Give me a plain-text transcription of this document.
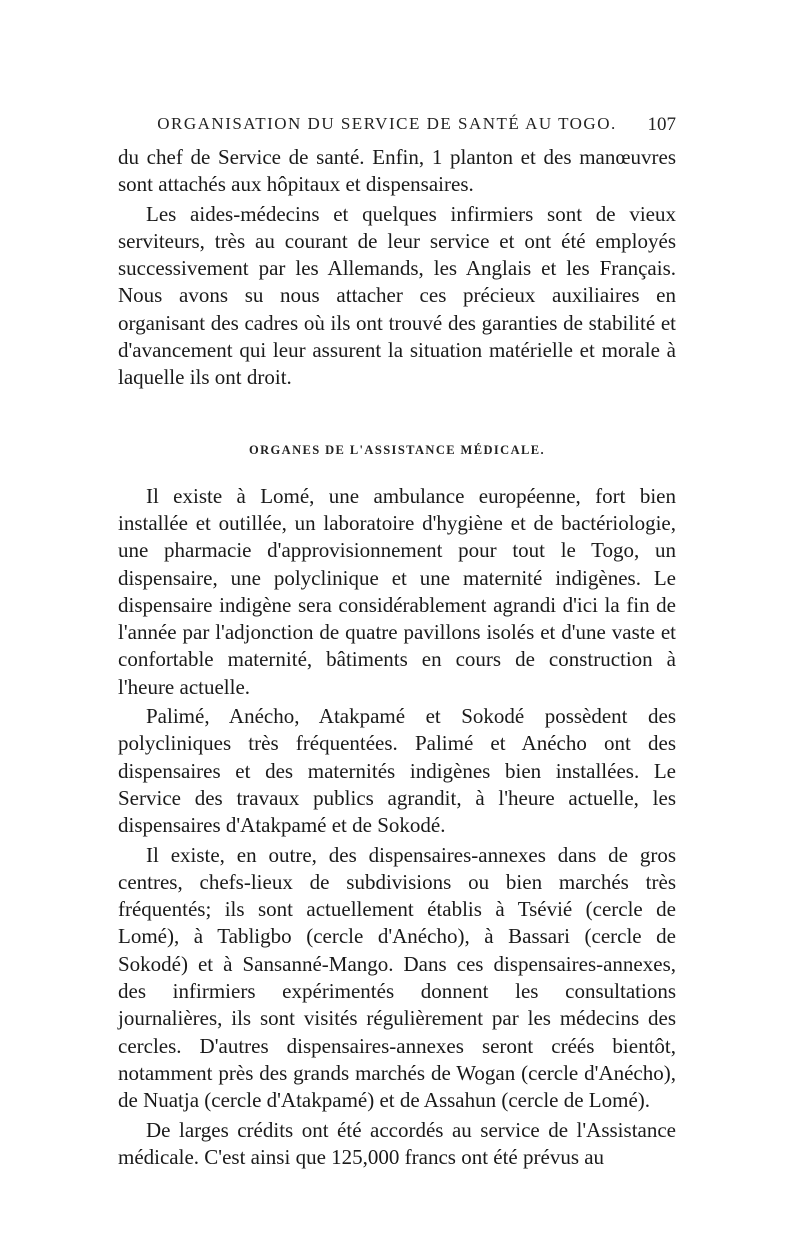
ORGANISATION DU SERVICE DE SANTÉ AU TOGO.	107

du chef de Service de santé. Enfin, 1 planton et des manœuvres sont attachés aux hôpitaux et dispensaires.

Les aides-médecins et quelques infirmiers sont de vieux serviteurs, très au courant de leur service et ont été employés successivement par les Allemands, les Anglais et les Français. Nous avons su nous attacher ces précieux auxiliaires en organisant des cadres où ils ont trouvé des garanties de stabilité et d'avancement qui leur assurent la situation matérielle et morale à laquelle ils ont droit.

ORGANES DE L'ASSISTANCE MÉDICALE.

Il existe à Lomé, une ambulance européenne, fort bien installée et outillée, un laboratoire d'hygiène et de bactériologie, une pharmacie d'approvisionnement pour tout le Togo, un dispensaire, une polyclinique et une maternité indigènes. Le dispensaire indigène sera considérablement agrandi d'ici la fin de l'année par l'adjonction de quatre pavillons isolés et d'une vaste et confortable maternité, bâtiments en cours de construction à l'heure actuelle.

Palimé, Anécho, Atakpamé et Sokodé possèdent des polycliniques très fréquentées. Palimé et Anécho ont des dispensaires et des maternités indigènes bien installées. Le Service des travaux publics agrandit, à l'heure actuelle, les dispensaires d'Atakpamé et de Sokodé.

Il existe, en outre, des dispensaires-annexes dans de gros centres, chefs-lieux de subdivisions ou bien marchés très fréquentés; ils sont actuellement établis à Tsévié (cercle de Lomé), à Tabligbo (cercle d'Anécho), à Bassari (cercle de Sokodé) et à Sansanné-Mango. Dans ces dispensaires-annexes, des infirmiers expérimentés donnent les consultations journalières, ils sont visités régulièrement par les médecins des cercles. D'autres dispensaires-annexes seront créés bientôt, notamment près des grands marchés de Wogan (cercle d'Anécho), de Nuatja (cercle d'Atakpamé) et de Assahun (cercle de Lomé).

De larges crédits ont été accordés au service de l'Assistance médicale. C'est ainsi que 125,000 francs ont été prévus au
